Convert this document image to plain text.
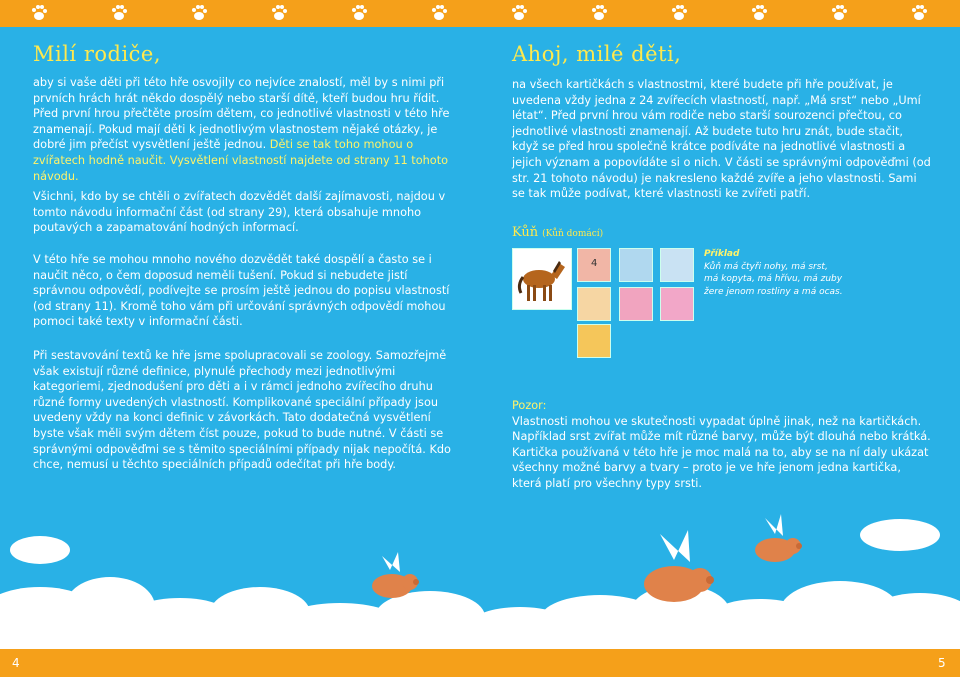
Milí rodiče,

aby si vaše děti při této hře osvojily co nejvíce znalostí, měl by s nimi při prvních hrách hrát někdo dospělý nebo starší dítě, kteří budou hru řídit. Před první hrou přečtěte prosím dětem, co jednotlivé vlastnosti v této hře znamenají. Pokud mají děti k jednotlivým vlastnostem nějaké otázky, je dobré jim přečíst vysvětlení ještě jednou. Děti se tak toho mohou o zvířatech hodně naučit. Vysvětlení vlastností najdete od strany 11 tohoto návodu.

Všichni, kdo by se chtěli o zvířatech dozvědět další zajímavosti, najdou v tomto návodu informační část (od strany 29), která obsahuje mnoho poutavých a zapamatování hodných informací.

V této hře se mohou mnoho nového dozvědět také dospělí a často se i naučit něco, o čem doposud neměli tušení. Pokud si nebudete jistí správnou odpovědí, podívejte se prosím ještě jednou do popisu vlastností (od strany 11). Kromě toho vám při určování správných odpovědí mohou pomoci také texty v informační části.

Při sestavování textů ke hře jsme spolupracovali se zoology. Samozřejmě však existují různé definice, plynulé přechody mezi jednotlivými kategoriemi, zjednodušení pro děti a i v rámci jednoho zvířecího druhu různé formy uvedených vlastností. Komplikované speciální případy jsou uvedeny vždy na konci definic v závorkách. Tato dodatečná vysvětlení byste však měli svým dětem číst pouze, pokud to bude nutné. V části se správnými odpověďmi se s těmito speciálními případy nijak nepočítá. Kdo chce, nemusí u těchto speciálních případů odečítat při hře body.

Ahoj, milé děti,

na všech kartičkách s vlastnostmi, které budete při hře používat, je uvedena vždy jedna z 24 zvířecích vlastností, např. „Má srst“ nebo „Umí létat“. Před první hrou vám rodiče nebo starší sourozenci přečtou, co jednotlivé vlastnosti znamenají. Až budete tuto hru znát, bude stačit, když se před hrou společně krátce podíváte na jednotlivé vlastnosti a jejich význam a popovídáte si o nich. V části se správnými odpověďmi (od str. 21 tohoto návodu) je nakresleno každé zvíře a jeho vlastnosti. Sami se tak může podívat, které vlastnosti ke zvířeti patří.

Kůň (Kůň domácí)
4
Příklad
Kůň má čtyři nohy, má srst,
má kopyta, má hřívu, má zuby
žere jenom rostliny a má ocas.

Pozor:
Vlastnosti mohou ve skutečnosti vypadat úplně jinak, než na kartičkách. Například srst zvířat může mít různé barvy, může být dlouhá nebo krátká. Kartička používaná v této hře je moc malá na to, aby se na ní daly ukázat všechny možné barvy a tvary – proto je ve hře jenom jedna kartička, která platí pro všechny typy srsti.

4	5
